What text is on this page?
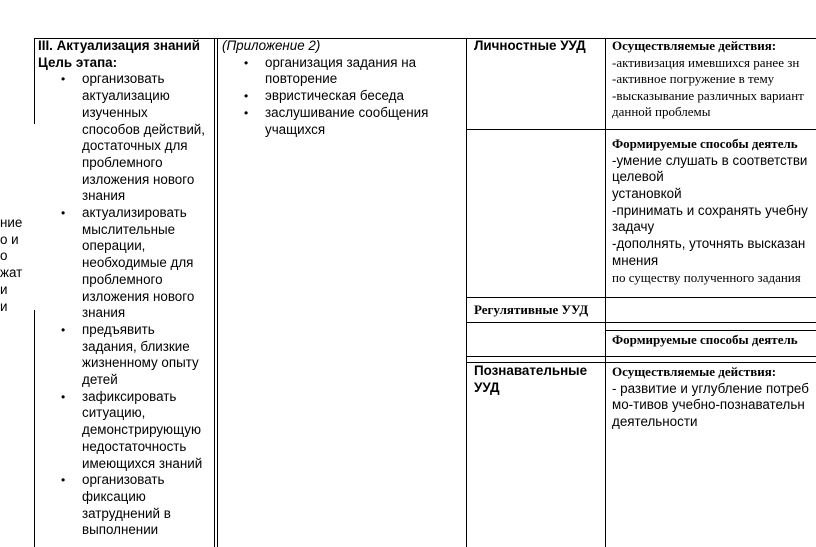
ние
о и
о
жат
и
и
III. Актуализация знаний
Цель этапа:
• организовать
актуализацию
изученных
способов действий,
достаточных для
проблемного
изложения нового
знания
• актуализировать
мыслительные
операции,
необходимые для
проблемного
изложения нового
знания
• предъявить
задания, близкие
жизненному опыту
детей
• зафиксировать
ситуацию,
демонстрирующую
недостаточность
имеющихся знаний
• организовать
фиксацию
затруднений в
выполнении
(Приложение 2)
• организация задания на
повторение
• эвристическая беседа
• заслушивание сообщения
учащихся
Личностные УУД
Регулятивные УУД
Познавательные
УУД
Осуществляемые действия:
-активизация имевшихся ранее зн
-активное погружение в тему
-высказывание различных вариант
данной проблемы
Формируемые способы деятель
-умение слушать в соответстви
целевой
установкой
-принимать и сохранять учебну
задачу
-дополнять, уточнять высказан
мнения
по существу полученного задания
Формируемые способы деятель
Осуществляемые действия:
- развитие и углубление потреб
мо-тивов учебно-познавательн
деятельности
